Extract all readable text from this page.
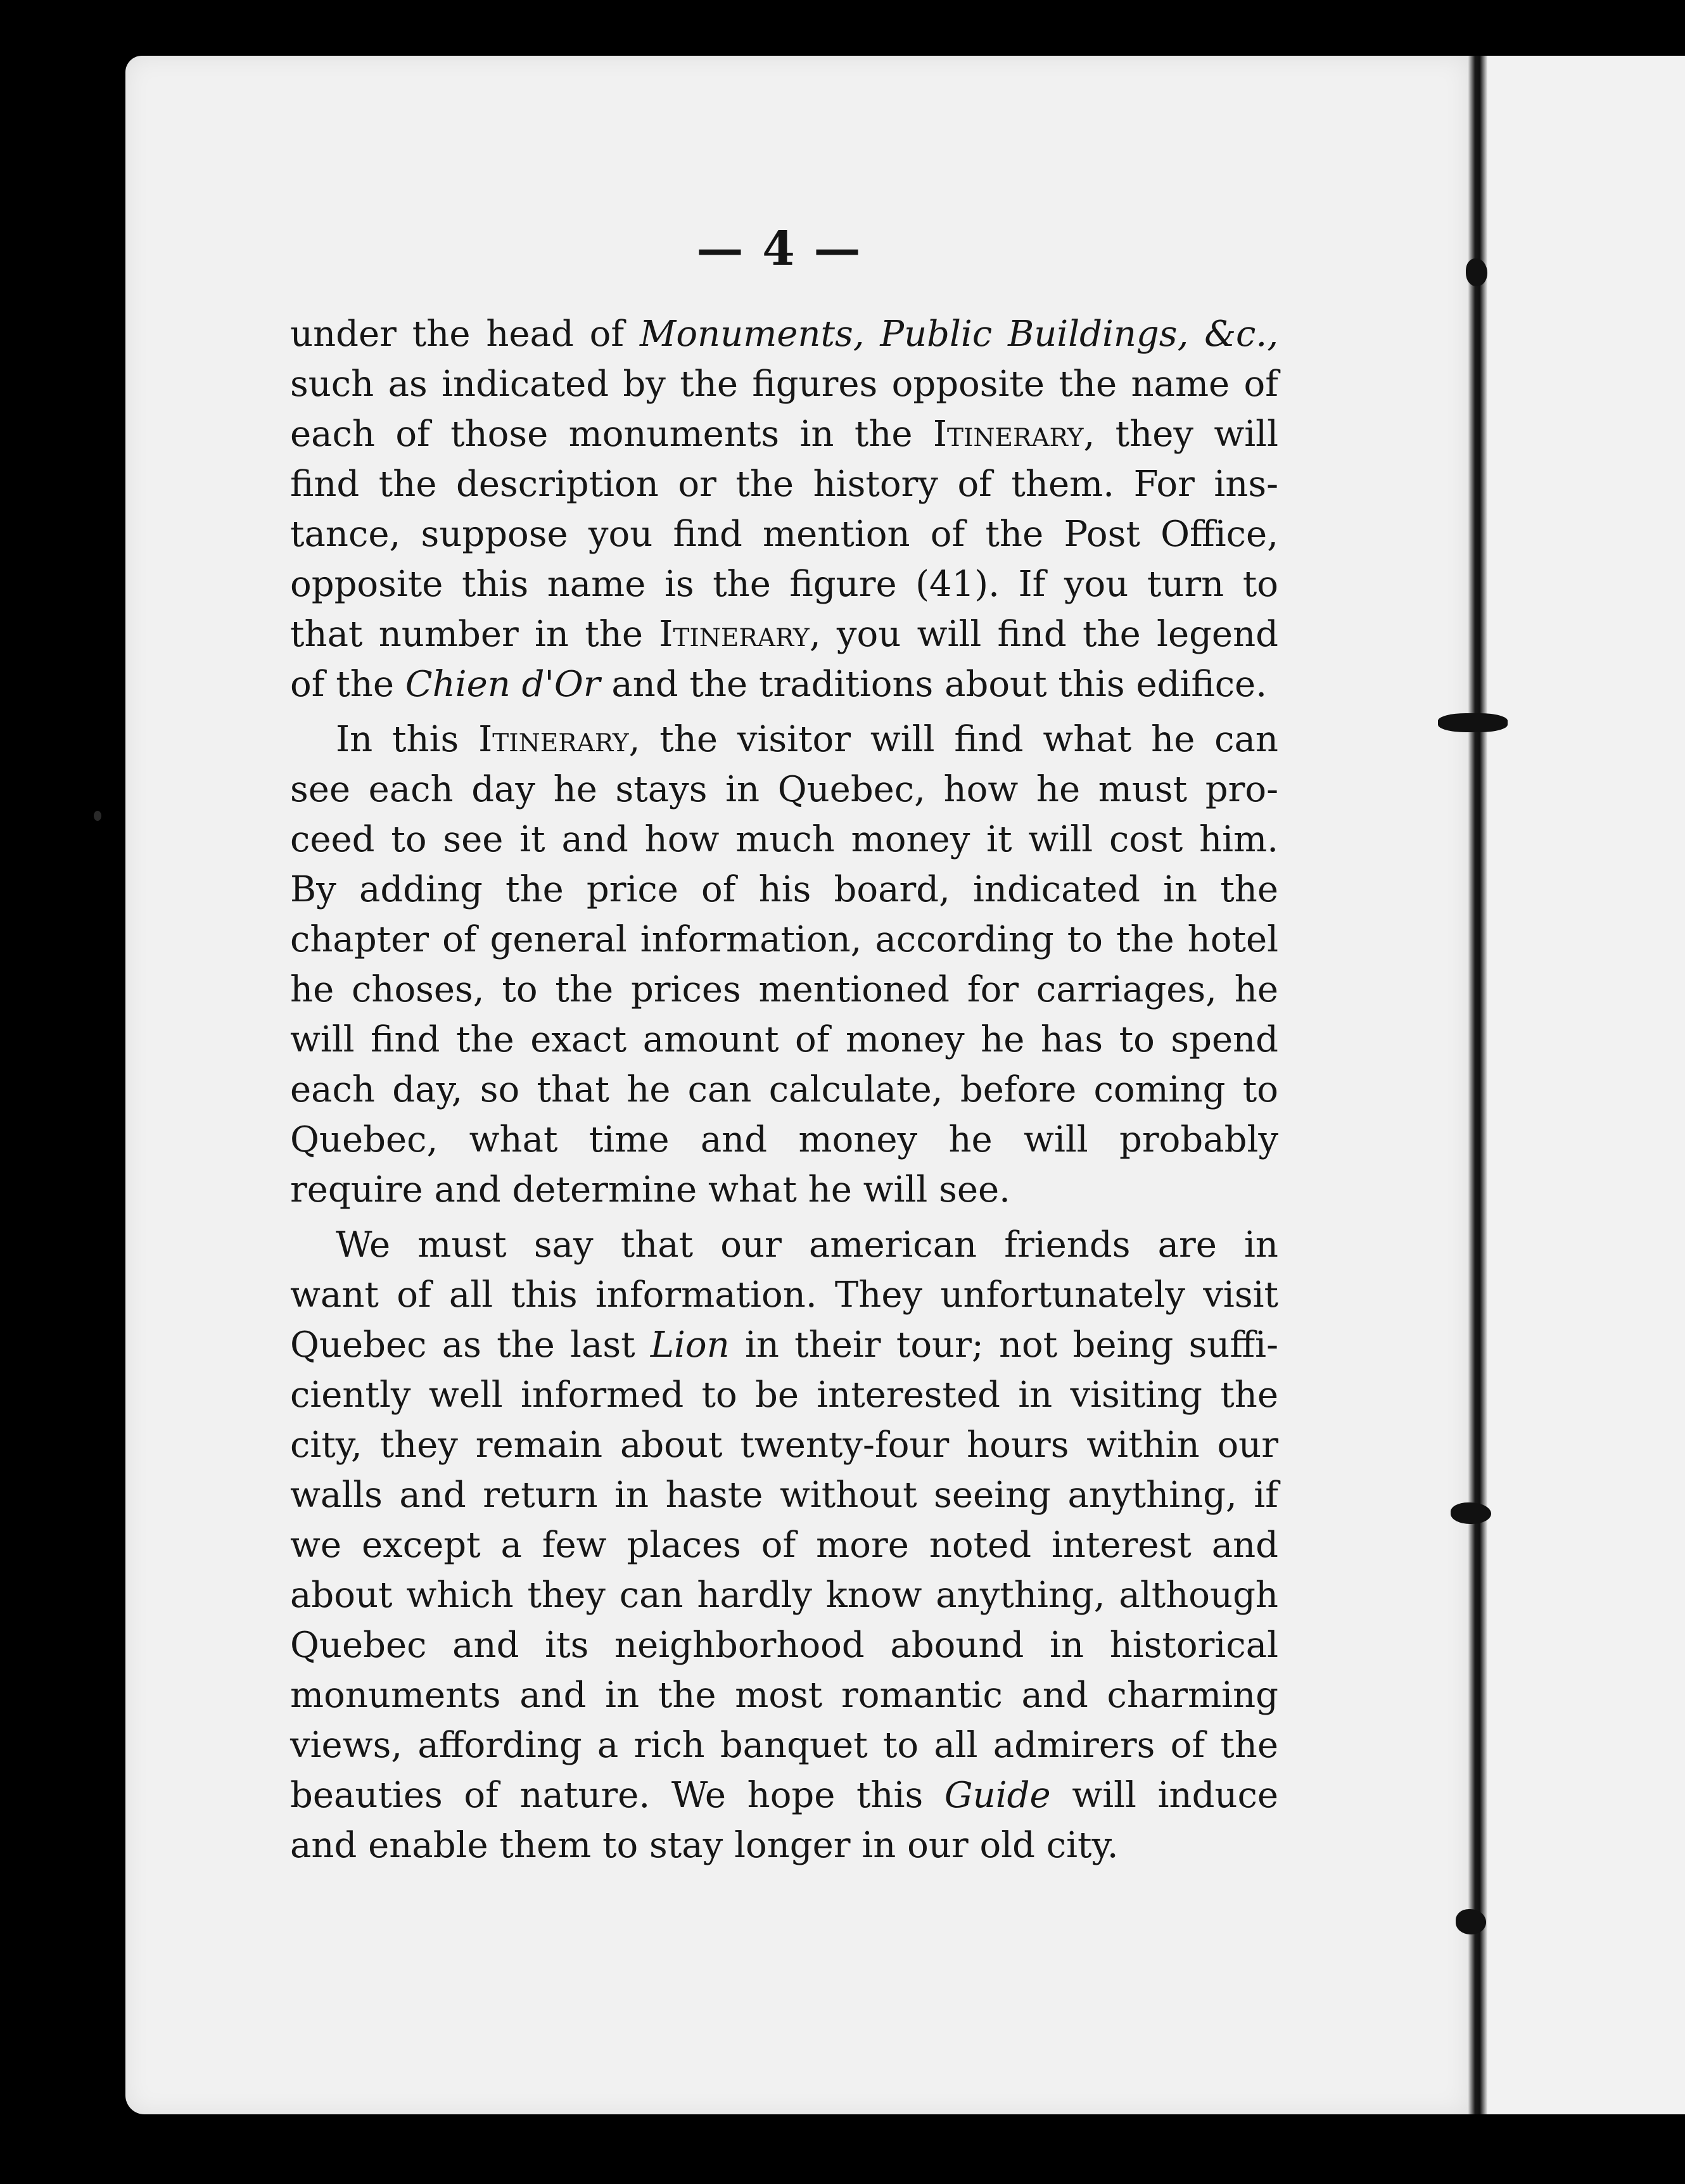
— 4 —
under the head of Monuments, Public Buildings, &c.,
such as indicated by the figures opposite the name of
each of those monuments in the Itinerary, they will
find the description or the history of them. For ins-
tance, suppose you find mention of the Post Office,
opposite this name is the figure (41). If you turn to
that number in the Itinerary, you will find the legend
of the Chien d'Or and the traditions about this edifice.
In this Itinerary, the visitor will find what he can
see each day he stays in Quebec, how he must pro-
ceed to see it and how much money it will cost him.
By adding the price of his board, indicated in the
chapter of general information, according to the hotel
he choses, to the prices mentioned for carriages, he
will find the exact amount of money he has to spend
each day, so that he can calculate, before coming to
Quebec, what time and money he will probably
require and determine what he will see.
We must say that our american friends are in
want of all this information. They unfortunately visit
Quebec as the last Lion in their tour; not being suffi-
ciently well informed to be interested in visiting the
city, they remain about twenty-four hours within our
walls and return in haste without seeing anything, if
we except a few places of more noted interest and
about which they can hardly know anything, although
Quebec and its neighborhood abound in historical
monuments and in the most romantic and charming
views, affording a rich banquet to all admirers of the
beauties of nature. We hope this Guide will induce
and enable them to stay longer in our old city.
